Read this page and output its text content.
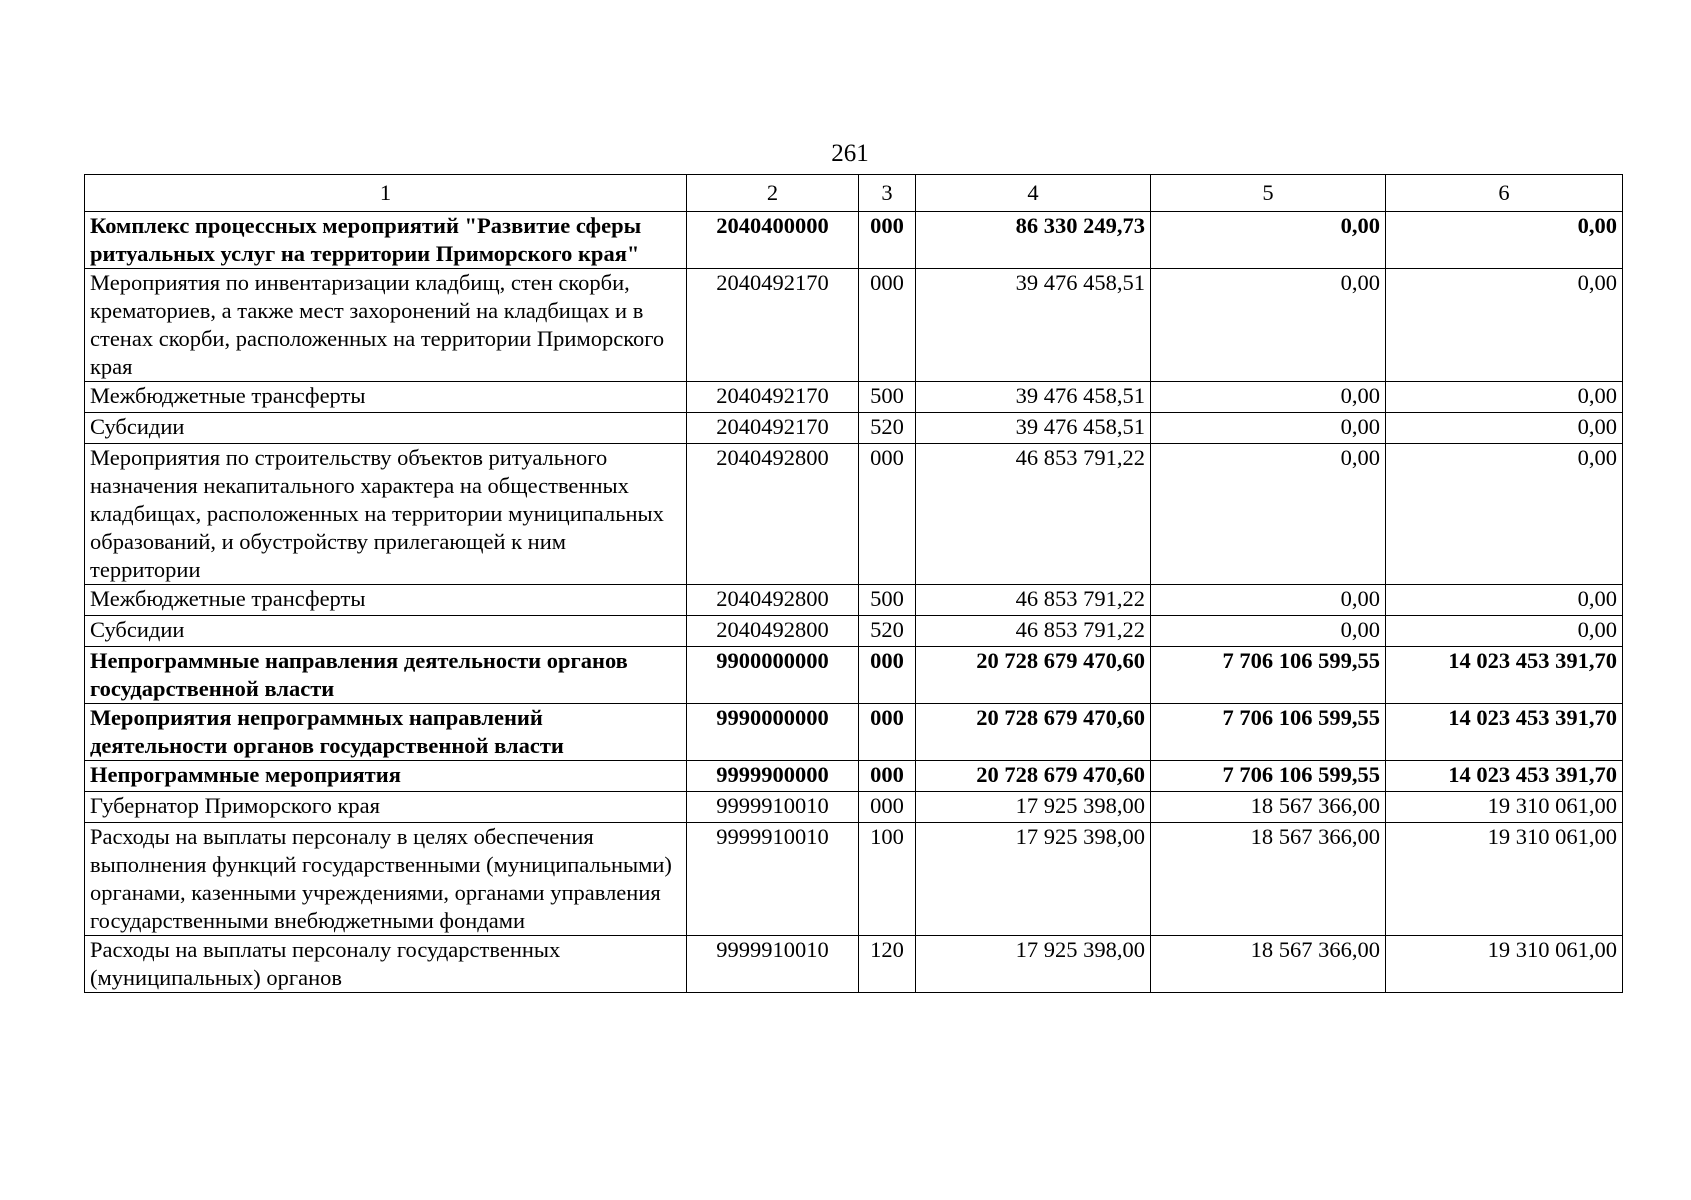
261
1	2	3	4	5	6
Комплекс процессных мероприятий "Развитие сферы ритуальных услуг на территории Приморского края"	2040400000	000	86 330 249,73	0,00	0,00
Мероприятия по инвентаризации кладбищ, стен скорби, крематориев, а также мест захоронений на кладбищах и в стенах скорби, расположенных на территории Приморского края	2040492170	000	39 476 458,51	0,00	0,00
Межбюджетные трансферты	2040492170	500	39 476 458,51	0,00	0,00
Субсидии	2040492170	520	39 476 458,51	0,00	0,00
Мероприятия по строительству объектов ритуального назначения некапитального характера на общественных кладбищах, расположенных на территории муниципальных образований, и обустройству прилегающей к ним территории	2040492800	000	46 853 791,22	0,00	0,00
Межбюджетные трансферты	2040492800	500	46 853 791,22	0,00	0,00
Субсидии	2040492800	520	46 853 791,22	0,00	0,00
Непрограммные направления деятельности органов государственной власти	9900000000	000	20 728 679 470,60	7 706 106 599,55	14 023 453 391,70
Мероприятия непрограммных направлений деятельности органов государственной власти	9990000000	000	20 728 679 470,60	7 706 106 599,55	14 023 453 391,70
Непрограммные мероприятия	9999900000	000	20 728 679 470,60	7 706 106 599,55	14 023 453 391,70
Губернатор Приморского края	9999910010	000	17 925 398,00	18 567 366,00	19 310 061,00
Расходы на выплаты персоналу в целях обеспечения выполнения функций государственными (муниципальными) органами, казенными учреждениями, органами управления государственными внебюджетными фондами	9999910010	100	17 925 398,00	18 567 366,00	19 310 061,00
Расходы на выплаты персоналу государственных (муниципальных) органов	9999910010	120	17 925 398,00	18 567 366,00	19 310 061,00
